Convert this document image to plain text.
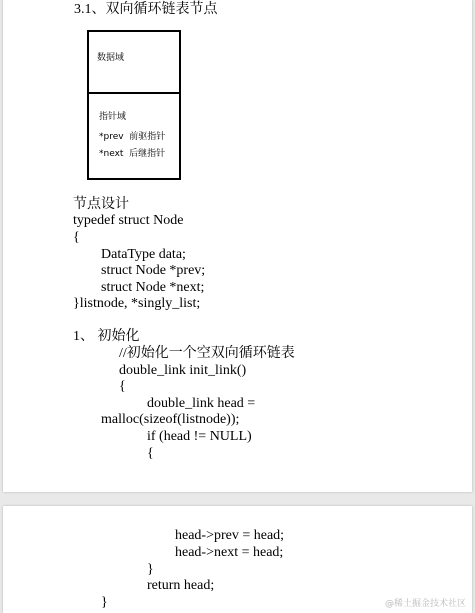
3.1、双向循环链表节点
数据域
指针域
*prev  前驱指针
*next  后继指针
节点设计
typedef struct Node
{
DataType data;
struct Node *prev;
struct Node *next;
}listnode, *singly_list;
1、 初始化
//初始化一个空双向循环链表
double_link init_link()
{
double_link head =
malloc(sizeof(listnode));
if (head != NULL)
{
head->prev = head;
head->next = head;
}
return head;
}	@稀土掘金技术社区
